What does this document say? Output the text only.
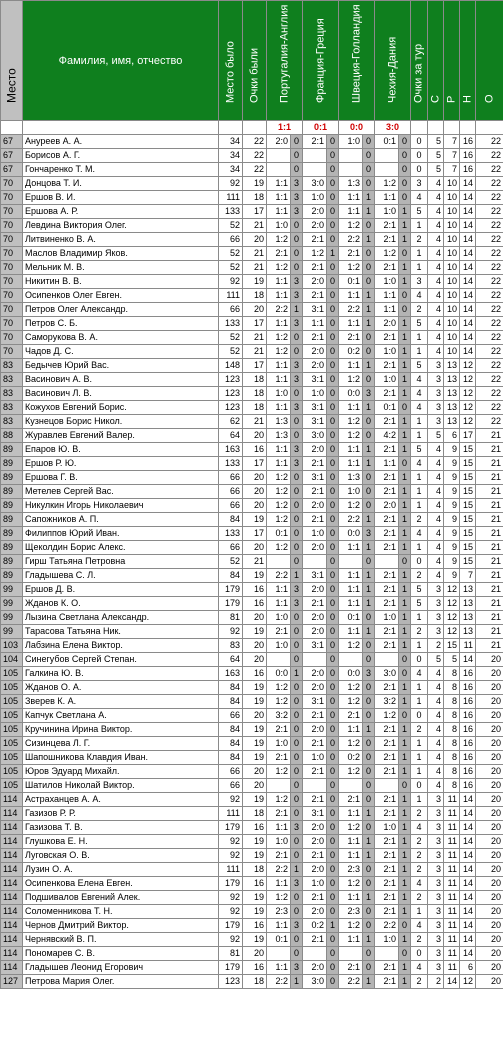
Место	Фамилия, имя, отчество	Место было	Очки были	Португалия-Англия		Франция-Греция		Швеция-Голландия		Чехия-Дания		Очки за тур	С	Р	Н	О

				1:1		0:1		0:0		3:0						
67	Ануреев А. А.	34	22	2:0	0	2:1	0	1:0	0	0:1	0	0	5	7	16	22
67	Борисов А. Г.	34	22		0		0		0		0	0	5	7	16	22
67	Гончаренко Т. М.	34	22		0		0		0		0	0	5	7	16	22
70	Донцова Т. И.	92	19	1:1	3	3:0	0	1:3	0	1:2	0	3	4	10	14	22
70	Ершов В. И.	111	18	1:1	3	1:0	0	1:1	1	1:1	0	4	4	10	14	22
70	Ершова А. Р.	133	17	1:1	3	2:0	0	1:1	1	1:0	1	5	4	10	14	22
70	Левдина Виктория Олег.	52	21	1:0	0	2:0	0	1:2	0	2:1	1	1	4	10	14	22
70	Литвиненко В. А.	66	20	1:2	0	2:1	0	2:2	1	2:1	1	2	4	10	14	22
70	Маслов Владимир Яков.	52	21	2:1	0	1:2	1	2:1	0	1:2	0	1	4	10	14	22
70	Мельник М. В.	52	21	1:2	0	2:1	0	1:2	0	2:1	1	1	4	10	14	22
70	Никитин В. В.	92	19	1:1	3	2:0	0	0:1	0	1:0	1	3	4	10	14	22
70	Осипенков Олег Евген.	111	18	1:1	3	2:1	0	1:1	1	1:1	0	4	4	10	14	22
70	Петров Олег Александр.	66	20	2:2	1	3:1	0	2:2	1	1:1	0	2	4	10	14	22
70	Петров С. Б.	133	17	1:1	3	1:1	0	1:1	1	2:0	1	5	4	10	14	22
70	Саморукова В. А.	52	21	1:2	0	2:1	0	2:1	0	2:1	1	1	4	10	14	22
70	Чадов Д. С.	52	21	1:2	0	2:0	0	0:2	0	1:0	1	1	4	10	14	22
83	Бедычев Юрий Вас.	148	17	1:1	3	2:0	0	1:1	1	2:1	1	5	3	13	12	22
83	Васинович А. В.	123	18	1:1	3	3:1	0	1:2	0	1:0	1	4	3	13	12	22
83	Васинович Л. В.	123	18	1:0	0	1:0	0	0:0	3	2:1	1	4	3	13	12	22
83	Кожухов Евгений Борис.	123	18	1:1	3	3:1	0	1:1	1	0:1	0	4	3	13	12	22
83	Кузнецов Борис Никол.	62	21	1:3	0	3:1	0	1:2	0	2:1	1	1	3	13	12	22
88	Журавлев Евгений Валер.	64	20	1:3	0	3:0	0	1:2	0	4:2	1	1	5	6	17	21
89	Епаров Ю. В.	163	16	1:1	3	2:0	0	1:1	1	2:1	1	5	4	9	15	21
89	Ершов Р. Ю.	133	17	1:1	3	2:1	0	1:1	1	1:1	0	4	4	9	15	21
89	Ершова Г. В.	66	20	1:2	0	3:1	0	1:3	0	2:1	1	1	4	9	15	21
89	Метелев Сергей Вас.	66	20	1:2	0	2:1	0	1:0	0	2:1	1	1	4	9	15	21
89	Никулкин Игорь Николаевич	66	20	1:2	0	2:0	0	1:2	0	2:0	1	1	4	9	15	21
89	Сапожников А. П.	84	19	1:2	0	2:1	0	2:2	1	2:1	1	2	4	9	15	21
89	Филиппов Юрий Иван.	133	17	0:1	0	1:0	0	0:0	3	2:1	1	4	4	9	15	21
89	Щеколдин Борис Алекс.	66	20	1:2	0	2:0	0	1:1	1	2:1	1	1	4	9	15	21
89	Гирш Татьяна Петровна	52	21		0		0		0		0	0	4	9	15	21
89	Гладышева С. Л.	84	19	2:2	1	3:1	0	1:1	1	2:1	1	2	4	9	7	21
99	Ершов Д. В.	179	16	1:1	3	2:0	0	1:1	1	2:1	1	5	3	12	13	21
99	Жданов К. О.	179	16	1:1	3	2:1	0	1:1	1	2:1	1	5	3	12	13	21
99	Лызина Светлана Александр.	81	20	1:0	0	2:0	0	0:1	0	1:0	1	1	3	12	13	21
99	Тарасова Татьяна Ник.	92	19	2:1	0	2:0	0	1:1	1	2:1	1	2	3	12	13	21
103	Лабзина Елена Виктор.	83	20	1:0	0	3:1	0	1:2	0	2:1	1	1	2	15	11	21
104	Синегубов Сергей Степан.	64	20		0		0		0		0	0	5	5	14	20
105	Галкина Ю. В.	163	16	0:0	1	2:0	0	0:0	3	3:0	0	4	4	8	16	20
105	Жданов О. А.	84	19	1:2	0	2:0	0	1:2	0	2:1	1	1	4	8	16	20
105	Зверев К. А.	84	19	1:2	0	3:1	0	1:2	0	3:2	1	1	4	8	16	20
105	Капчук Светлана А.	66	20	3:2	0	2:1	0	2:1	0	1:2	0	0	4	8	16	20
105	Кручинина Ирина Виктор.	84	19	2:1	0	2:0	0	1:1	1	2:1	1	2	4	8	16	20
105	Сизинцева Л. Г.	84	19	1:0	0	2:1	0	1:2	0	2:1	1	1	4	8	16	20
105	Шапошникова Клавдия Иван.	84	19	2:1	0	1:0	0	0:2	0	2:1	1	1	4	8	16	20
105	Юров Эдуард Михайл.	66	20	1:2	0	2:1	0	1:2	0	2:1	1	1	4	8	16	20
105	Шатилов Николай Виктор.	66	20		0		0		0		0	0	4	8	16	20
114	Астраханцев А. А.	92	19	1:2	0	2:1	0	2:1	0	2:1	1	1	3	11	14	20
114	Газизов Р. Р.	111	18	2:1	0	3:1	0	1:1	1	2:1	1	2	3	11	14	20
114	Газизова Т. В.	179	16	1:1	3	2:0	0	1:2	0	1:0	1	4	3	11	14	20
114	Глушкова Е. Н.	92	19	1:0	0	2:0	0	1:1	1	2:1	1	2	3	11	14	20
114	Луговская О. В.	92	19	2:1	0	2:1	0	1:1	1	2:1	1	2	3	11	14	20
114	Лузин О. А.	111	18	2:2	1	2:0	0	2:3	0	2:1	1	2	3	11	14	20
114	Осипенкова Елена Евген.	179	16	1:1	3	1:0	0	1:2	0	2:1	1	4	3	11	14	20
114	Подшивалов Евгений Алек.	92	19	1:2	0	2:1	0	1:1	1	2:1	1	2	3	11	14	20
114	Соломенникова Т. Н.	92	19	2:3	0	2:0	0	2:3	0	2:1	1	1	3	11	14	20
114	Чернов Дмитрий Виктор.	179	16	1:1	3	0:2	1	1:2	0	2:2	0	4	3	11	14	20
114	Чернявский В. П.	92	19	0:1	0	2:1	0	1:1	1	1:0	1	2	3	11	14	20
114	Пономарев С. В.	81	20		0		0		0		0	0	3	11	14	20
114	Гладышев Леонид Егорович	179	16	1:1	3	2:0	0	2:1	0	2:1	1	4	3	11	6	20
127	Петрова Мария Олег.	123	18	2:2	1	3:0	0	2:2	1	2:1	1	2	2	14	12	20
